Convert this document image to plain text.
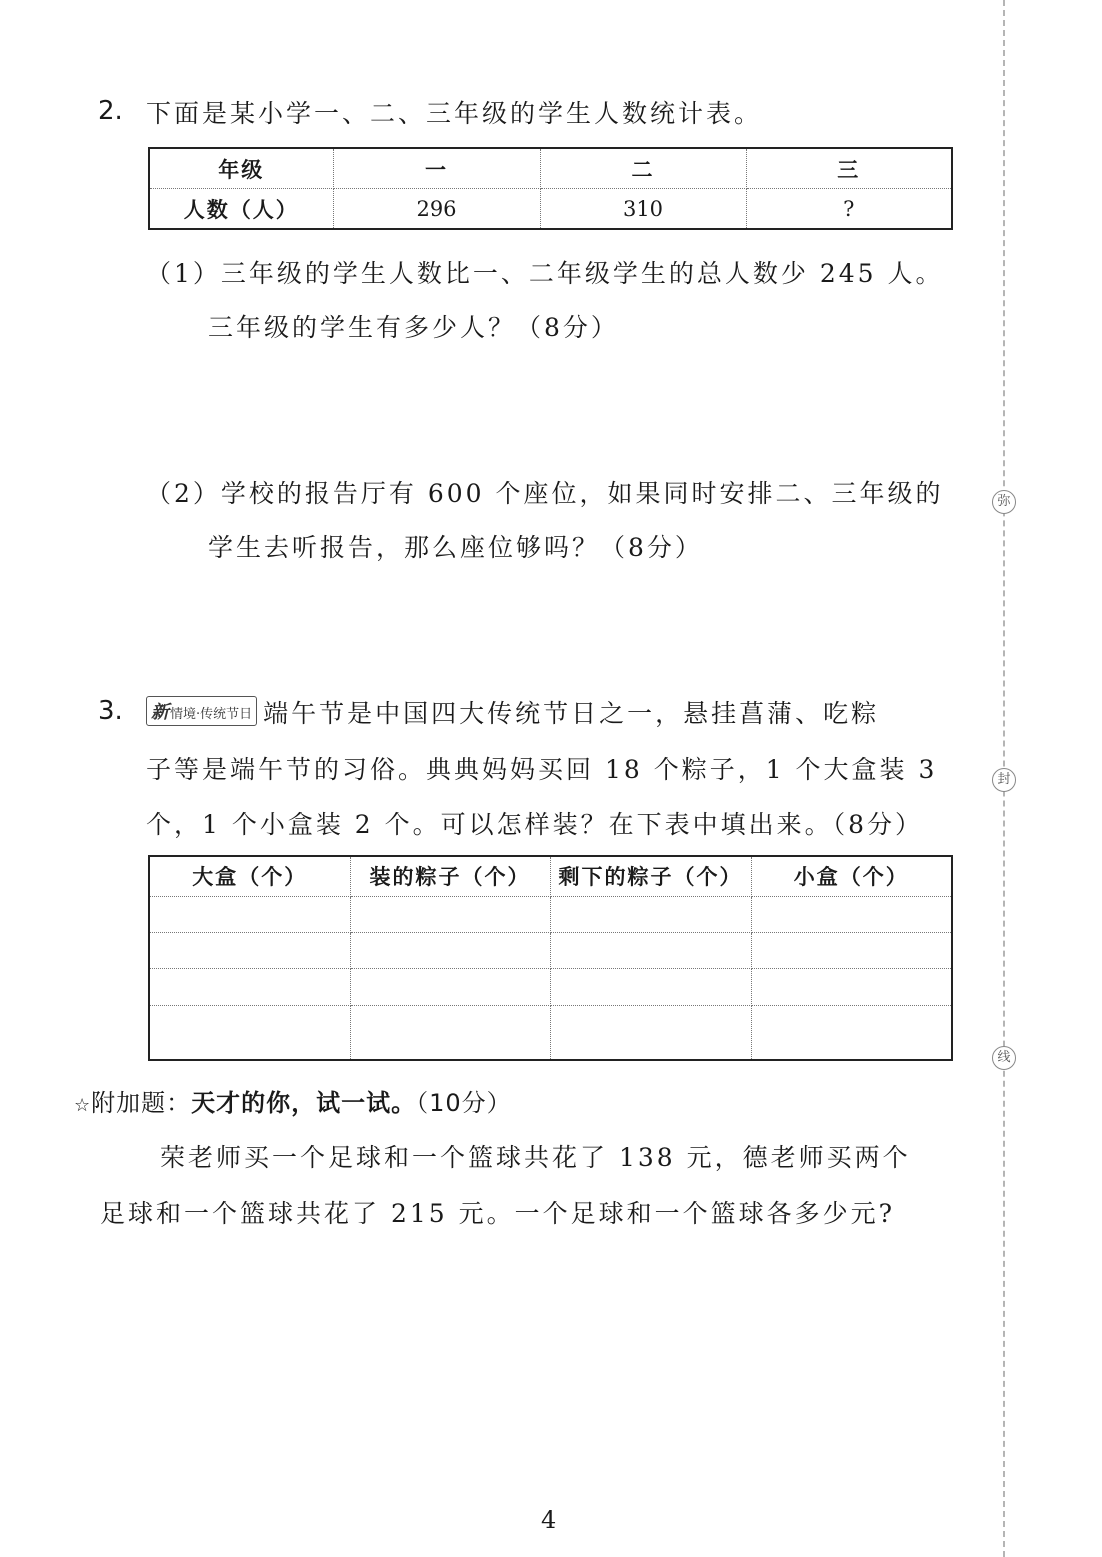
弥
封
线
2. 下面是某小学一、二、三年级的学生人数统计表。
年级	一	二	三
人数（人）	296	310	?
（1）三年级的学生人数比一、二年级学生的总人数少 245 人。
三年级的学生有多少人？（8分）
（2）学校的报告厅有 600 个座位，如果同时安排二、三年级的
学生去听报告，那么座位够吗？（8分）
3. 新情境·传统节日 端午节是中国四大传统节日之一，悬挂菖蒲、吃粽
子等是端午节的习俗。典典妈妈买回 18 个粽子，1 个大盒装 3
个，1 个小盒装 2 个。可以怎样装？在下表中填出来。（8分）
大盒（个）	装的粽子（个）	剩下的粽子（个）	小盒（个）

☆附加题：天才的你，试一试。（10分）
荣老师买一个足球和一个篮球共花了 138 元，德老师买两个
足球和一个篮球共花了 215 元。一个足球和一个篮球各多少元?
4
